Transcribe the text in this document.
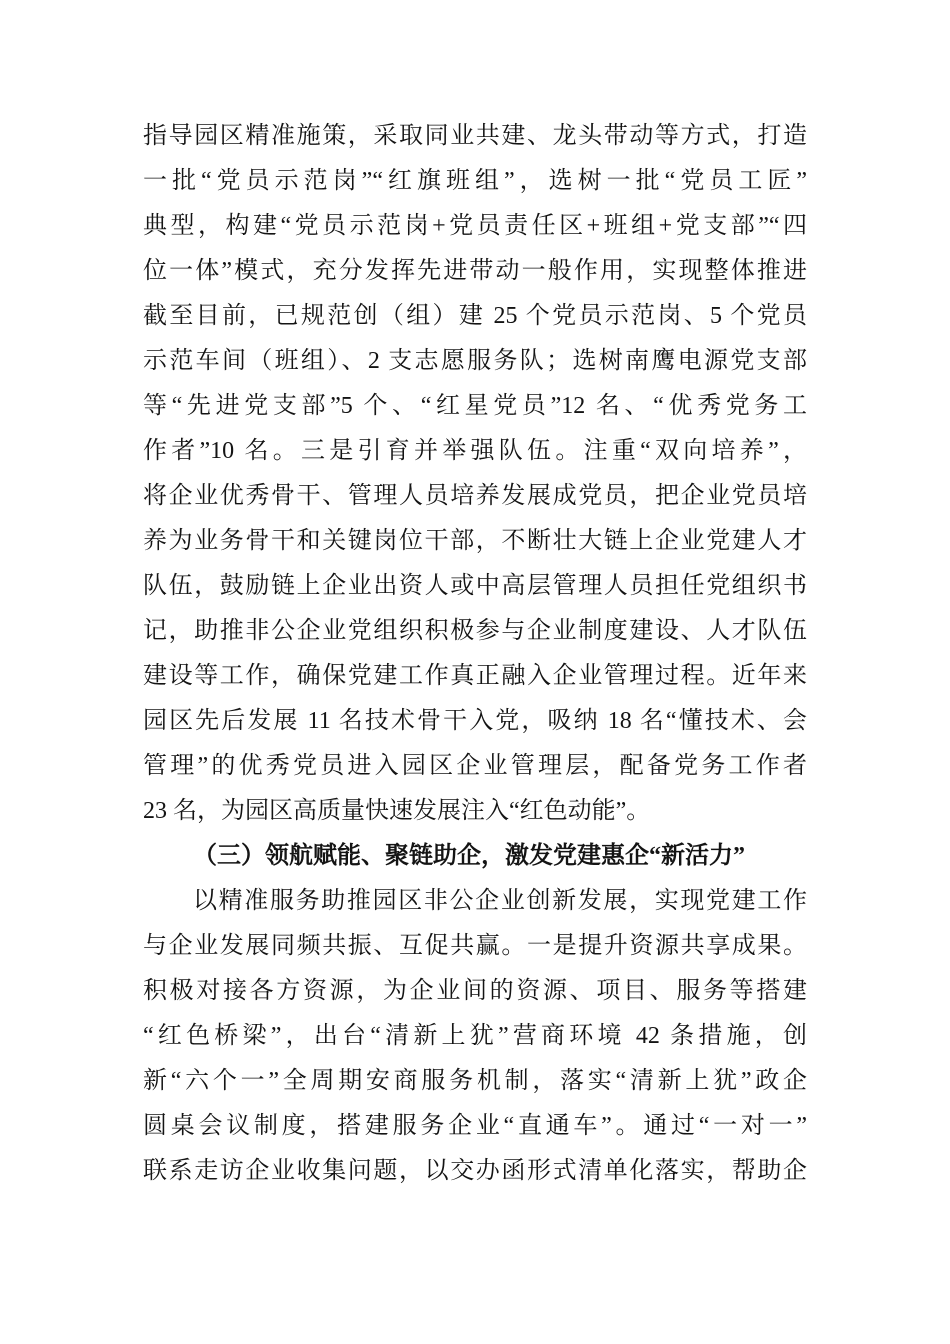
指导园区精准施策，采取同业共建、龙头带动等方式，打造
一批“党员示范岗”“红旗班组”，选树一批“党员工匠”
典型，构建“党员示范岗+党员责任区+班组+党支部”“四
位一体”模式，充分发挥先进带动一般作用，实现整体推进
截至目前，已规范创（组）建 25 个党员示范岗、5 个党员
示范车间（班组）、2 支志愿服务队；选树南鹰电源党支部
等“先进党支部”5 个、“红星党员”12 名、“优秀党务工
作者”10 名。三是引育并举强队伍。注重“双向培养”，
将企业优秀骨干、管理人员培养发展成党员，把企业党员培
养为业务骨干和关键岗位干部，不断壮大链上企业党建人才
队伍，鼓励链上企业出资人或中高层管理人员担任党组织书
记，助推非公企业党组织积极参与企业制度建设、人才队伍
建设等工作，确保党建工作真正融入企业管理过程。近年来
园区先后发展 11 名技术骨干入党，吸纳 18 名“懂技术、会
管理”的优秀党员进入园区企业管理层，配备党务工作者
23 名，为园区高质量快速发展注入“红色动能”。
（三）领航赋能、聚链助企，激发党建惠企“新活力”
以精准服务助推园区非公企业创新发展，实现党建工作
与企业发展同频共振、互促共赢。一是提升资源共享成果。
积极对接各方资源，为企业间的资源、项目、服务等搭建
“红色桥梁”，出台“清新上犹”营商环境 42 条措施，创
新“六个一”全周期安商服务机制，落实“清新上犹”政企
圆桌会议制度，搭建服务企业“直通车”。通过“一对一”
联系走访企业收集问题，以交办函形式清单化落实，帮助企
